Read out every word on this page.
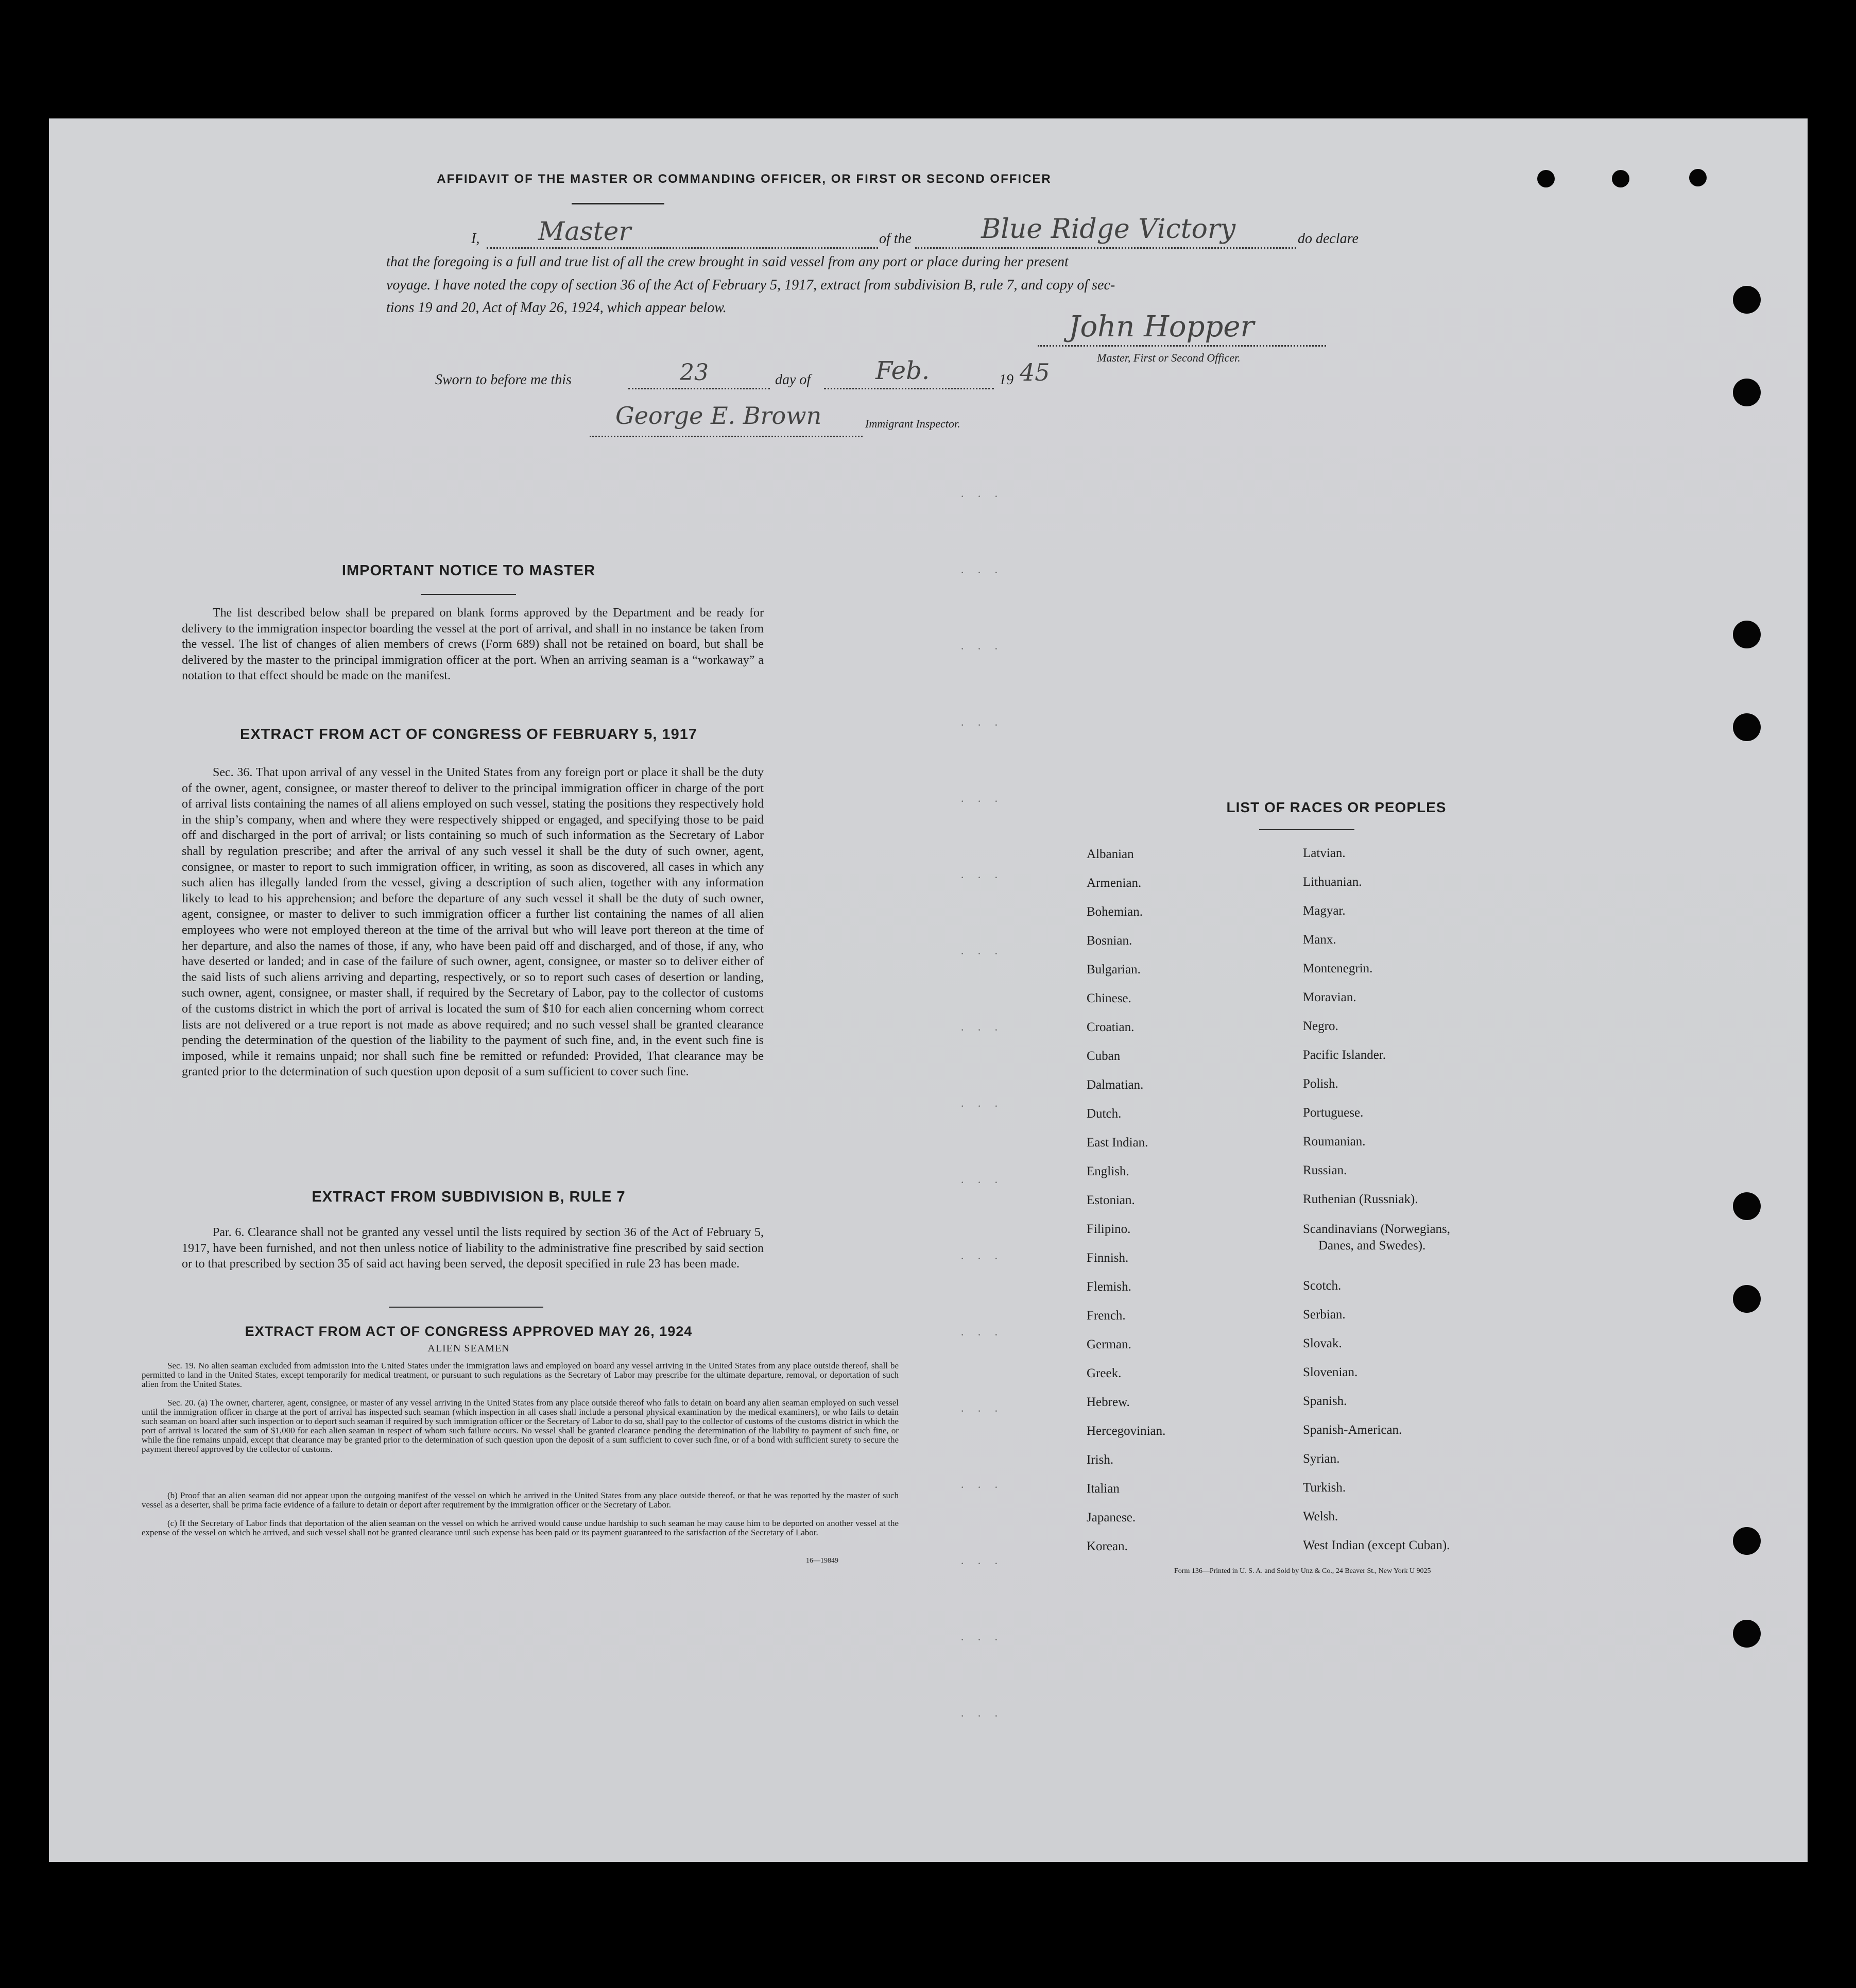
· · ·
· · ·
· · ·
· · ·
· · ·
· · ·
· · ·
· · ·
· · ·
· · ·
· · ·
· · ·
· · ·
· · ·
· · ·
· · ·
· · ·
AFFIDAVIT OF THE MASTER OR COMMANDING OFFICER, OR FIRST OR SECOND OFFICER
I, Master	of the	Blue Ridge Victory	do declare
that the foregoing is a full and true list of all the crew brought in said vessel from any port or place during her present
voyage. I have noted the copy of section 36 of the Act of February 5, 1917, extract from subdivision B, rule 7, and copy of sec-
tions 19 and 20, Act of May 26, 1924, which appear below.
John Hopper
Master, First or Second Officer.
Sworn to before me this	23	day of	Feb.	19 45
George E. Brown	Immigrant Inspector.
IMPORTANT NOTICE TO MASTER
The list described below shall be prepared on blank forms approved by the Department and be ready for delivery to the immigration inspector boarding the vessel at the port of arrival, and shall in no instance be taken from the vessel. The list of changes of alien members of crews (Form 689) shall not be retained on board, but shall be delivered by the master to the principal immigration officer at the port. When an arriving seaman is a “workaway” a notation to that effect should be made on the manifest.
EXTRACT FROM ACT OF CONGRESS OF FEBRUARY 5, 1917
Sec. 36. That upon arrival of any vessel in the United States from any foreign port or place it shall be the duty of the owner, agent, consignee, or master thereof to deliver to the principal immigration officer in charge of the port of arrival lists containing the names of all aliens employed on such vessel, stating the positions they respectively hold in the ship’s company, when and where they were respectively shipped or engaged, and specifying those to be paid off and discharged in the port of arrival; or lists containing so much of such information as the Secretary of Labor shall by regulation prescribe; and after the arrival of any such vessel it shall be the duty of such owner, agent, consignee, or master to report to such immigration officer, in writing, as soon as discovered, all cases in which any such alien has illegally landed from the vessel, giving a description of such alien, together with any information likely to lead to his apprehension; and before the departure of any such vessel it shall be the duty of such owner, agent, consignee, or master to deliver to such immigration officer a further list containing the names of all alien employees who were not employed thereon at the time of the arrival but who will leave port thereon at the time of her departure, and also the names of those, if any, who have been paid off and discharged, and of those, if any, who have deserted or landed; and in case of the failure of such owner, agent, consignee, or master so to deliver either of the said lists of such aliens arriving and departing, respectively, or so to report such cases of desertion or landing, such owner, agent, consignee, or master shall, if required by the Secretary of Labor, pay to the collector of customs of the customs district in which the port of arrival is located the sum of $10 for each alien concerning whom correct lists are not delivered or a true report is not made as above required; and no such vessel shall be granted clearance pending the determination of the question of the liability to the payment of such fine, and, in the event such fine is imposed, while it remains unpaid; nor shall such fine be remitted or refunded: Provided, That clearance may be granted prior to the determination of such question upon deposit of a sum sufficient to cover such fine.
EXTRACT FROM SUBDIVISION B, RULE 7
Par. 6. Clearance shall not be granted any vessel until the lists required by section 36 of the Act of February 5, 1917, have been furnished, and not then unless notice of liability to the administrative fine prescribed by said section or to that prescribed by section 35 of said act having been served, the deposit specified in rule 23 has been made.
EXTRACT FROM ACT OF CONGRESS APPROVED MAY 26, 1924
ALIEN SEAMEN
Sec. 19. No alien seaman excluded from admission into the United States under the immigration laws and employed on board any vessel arriving in the United States from any place outside thereof, shall be permitted to land in the United States, except temporarily for medical treatment, or pursuant to such regulations as the Secretary of Labor may prescribe for the ultimate departure, removal, or deportation of such alien from the United States.
Sec. 20. (a) The owner, charterer, agent, consignee, or master of any vessel arriving in the United States from any place outside thereof who fails to detain on board any alien seaman employed on such vessel until the immigration officer in charge at the port of arrival has inspected such seaman (which inspection in all cases shall include a personal physical examination by the medical examiners), or who fails to detain such seaman on board after such inspection or to deport such seaman if required by such immigration officer or the Secretary of Labor to do so, shall pay to the collector of customs of the customs district in which the port of arrival is located the sum of $1,000 for each alien seaman in respect of whom such failure occurs. No vessel shall be granted clearance pending the determination of the liability to payment of such fine, or while the fine remains unpaid, except that clearance may be granted prior to the determination of such question upon the deposit of a sum sufficient to cover such fine, or of a bond with sufficient surety to secure the payment thereof approved by the collector of customs.
(b) Proof that an alien seaman did not appear upon the outgoing manifest of the vessel on which he arrived in the United States from any place outside thereof, or that he was reported by the master of such vessel as a deserter, shall be prima facie evidence of a failure to detain or deport after requirement by the immigration officer or the Secretary of Labor.
(c) If the Secretary of Labor finds that deportation of the alien seaman on the vessel on which he arrived would cause undue hardship to such seaman he may cause him to be deported on another vessel at the expense of the vessel on which he arrived, and such vessel shall not be granted clearance until such expense has been paid or its payment guaranteed to the satisfaction of the Secretary of Labor.
16—19849
LIST OF RACES OR PEOPLES
Albanian
Armenian.
Bohemian.
Bosnian.
Bulgarian.
Chinese.
Croatian.
Cuban
Dalmatian.
Dutch.
East Indian.
English.
Estonian.
Filipino.
Finnish.
Flemish.
French.
German.
Greek.
Hebrew.
Hercegovinian.
Irish.
Italian
Japanese.
Korean.
Latvian.
Lithuanian.
Magyar.
Manx.
Montenegrin.
Moravian.
Negro.
Pacific Islander.
Polish.
Portuguese.
Roumanian.
Russian.
Ruthenian (Russniak).
Scandinavians (Norwegians,
Danes, and Swedes).
Scotch.
Serbian.
Slovak.
Slovenian.
Spanish.
Spanish-American.
Syrian.
Turkish.
Welsh.
West Indian (except Cuban).
Form 136—Printed in U. S. A. and Sold by Unz & Co., 24 Beaver St., New York U 9025
